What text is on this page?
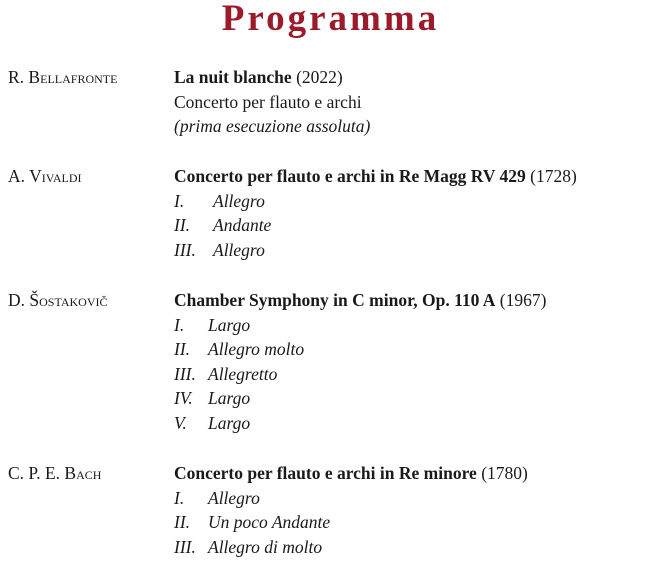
Programma
R. Bellafronte	La nuit blanche (2022)
Concerto per flauto e archi
(prima esecuzione assoluta)
A. Vivaldi	Concerto per flauto e archi in Re Magg RV 429 (1728)
I.	Allegro
II.	Andante
III. Allegro
D. Šostakovič	Chamber Symphony in C minor, Op. 110 A (1967)
I.	Largo
II.	Allegro molto
III. Allegretto
IV. Largo
V.	Largo
C. P. E. Bach	Concerto per flauto e archi in Re minore (1780)
I.	Allegro
II.	Un poco Andante
III. Allegro di molto
